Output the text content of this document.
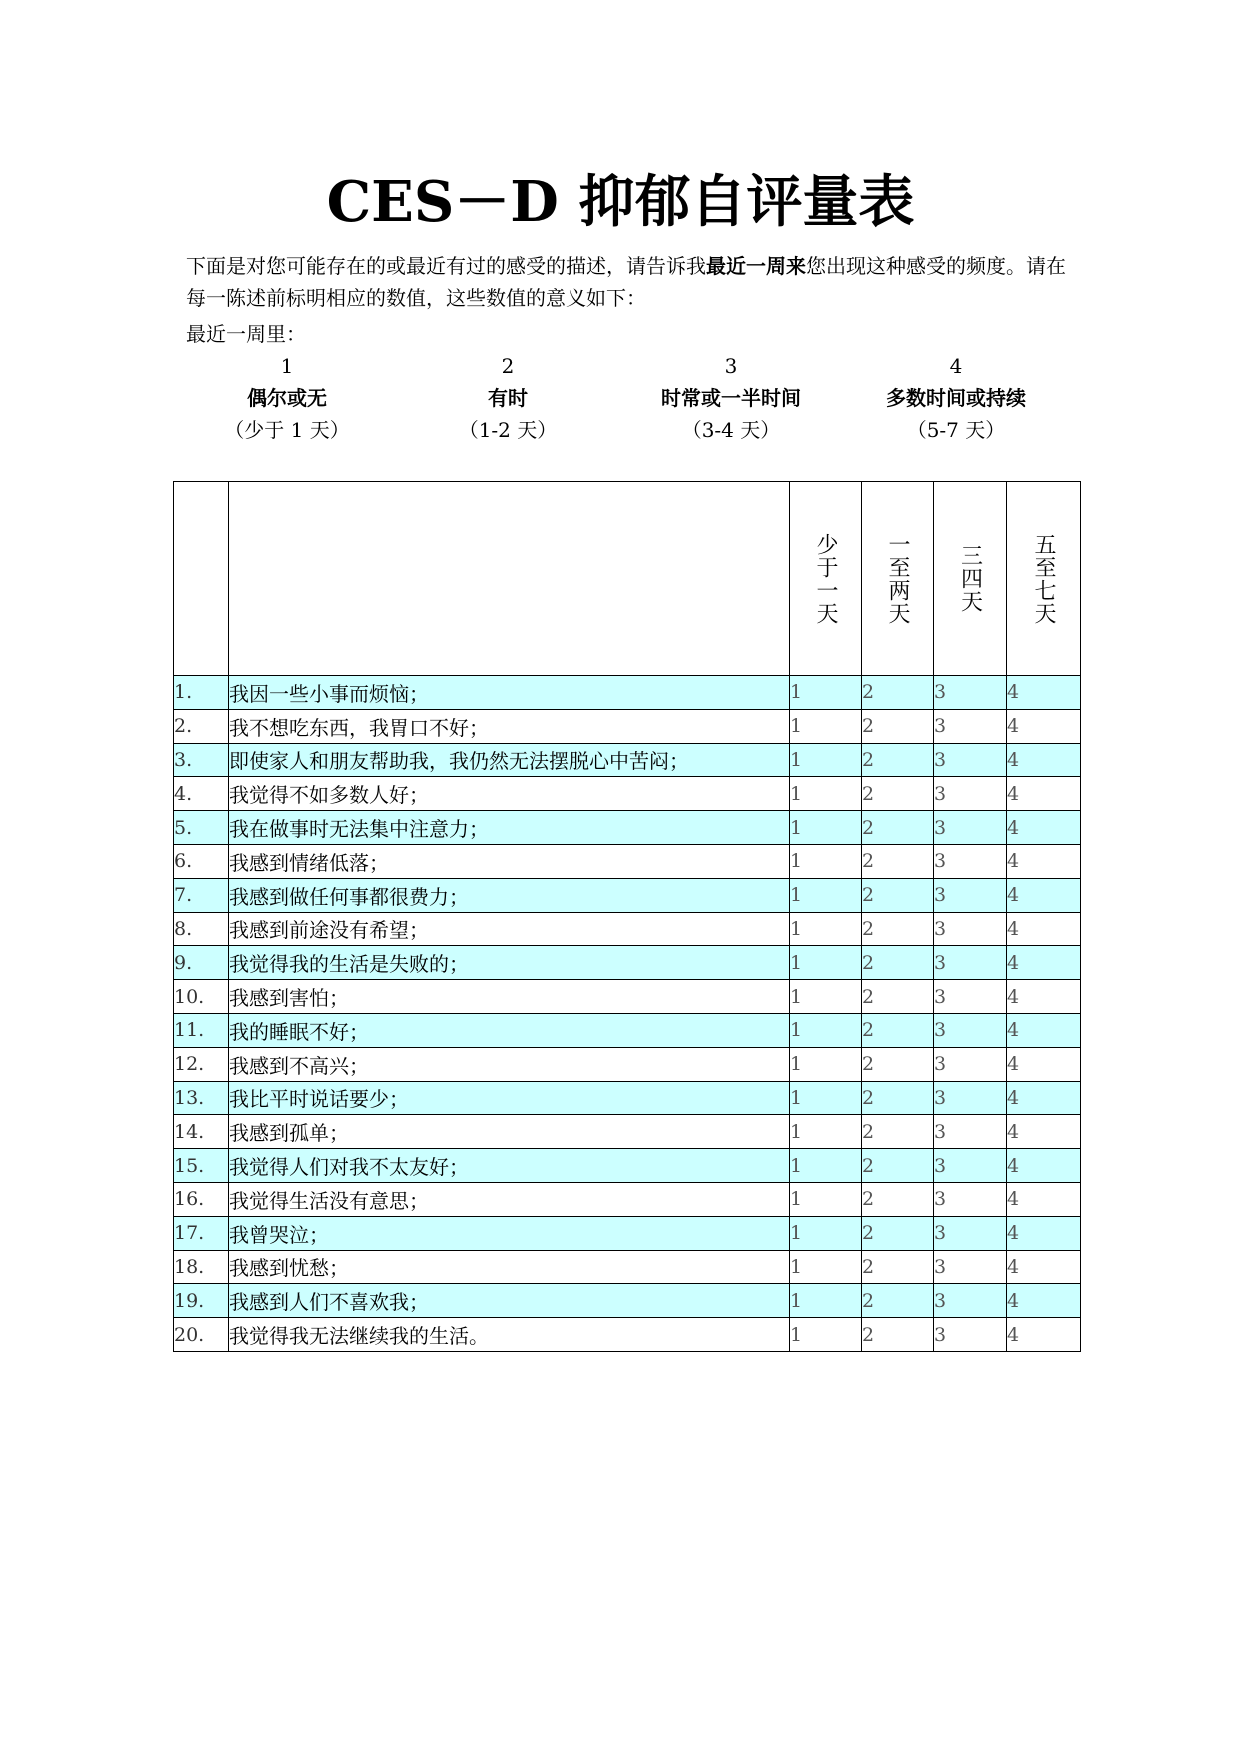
CES－D 抑郁自评量表
下面是对您可能存在的或最近有过的感受的描述，请告诉我最近一周来您出现这种感受的频度。请在每一陈述前标明相应的数值，这些数值的意义如下：
最近一周里：
1
偶尔或无
（少于 1 天）
2
有时
（1-2 天）
3
时常或一半时间
（3-4 天）
4
多数时间或持续
（5-7 天）

		少于一天	一至两天	三四天	五至七天

1.	我因一些小事而烦恼；	1	2	3	4
2.	我不想吃东西，我胃口不好；	1	2	3	4
3.	即使家人和朋友帮助我，我仍然无法摆脱心中苦闷；	1	2	3	4
4.	我觉得不如多数人好；	1	2	3	4
5.	我在做事时无法集中注意力；	1	2	3	4
6.	我感到情绪低落；	1	2	3	4
7.	我感到做任何事都很费力；	1	2	3	4
8.	我感到前途没有希望；	1	2	3	4
9.	我觉得我的生活是失败的；	1	2	3	4
10.	我感到害怕；	1	2	3	4
11.	我的睡眠不好；	1	2	3	4
12.	我感到不高兴；	1	2	3	4
13.	我比平时说话要少；	1	2	3	4
14.	我感到孤单；	1	2	3	4
15.	我觉得人们对我不太友好；	1	2	3	4
16.	我觉得生活没有意思；	1	2	3	4
17.	我曾哭泣；	1	2	3	4
18.	我感到忧愁；	1	2	3	4
19.	我感到人们不喜欢我；	1	2	3	4
20.	我觉得我无法继续我的生活。	1	2	3	4
